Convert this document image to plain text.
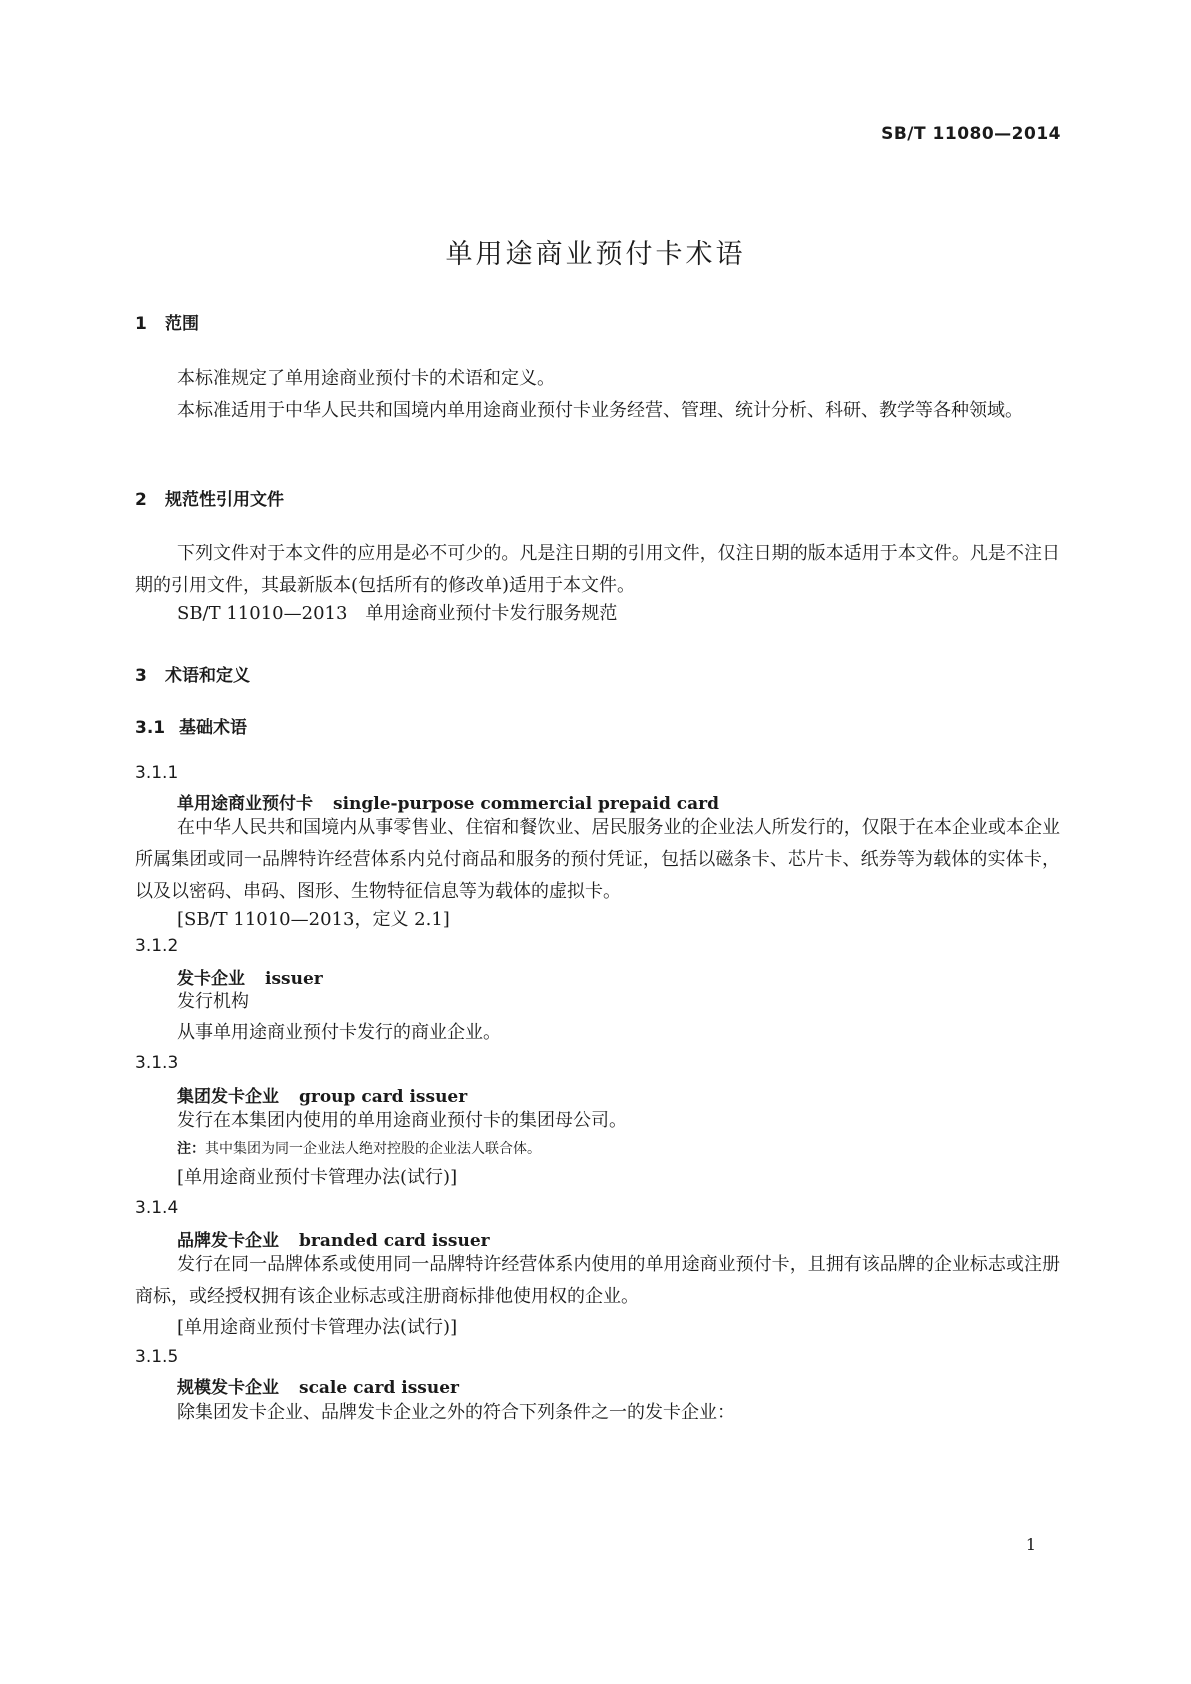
SB/T 11080—2014
单用途商业预付卡术语
1 范围
本标准规定了单用途商业预付卡的术语和定义。
本标准适用于中华人民共和国境内单用途商业预付卡业务经营、管理、统计分析、科研、教学等各种领域。
2 规范性引用文件
下列文件对于本文件的应用是必不可少的。凡是注日期的引用文件，仅注日期的版本适用于本文件。凡是不注日期的引用文件，其最新版本(包括所有的修改单)适用于本文件。
SB/T 11010—2013　单用途商业预付卡发行服务规范
3 术语和定义
3.1 基础术语
3.1.1
单用途商业预付卡 single-purpose commercial prepaid card
在中华人民共和国境内从事零售业、住宿和餐饮业、居民服务业的企业法人所发行的，仅限于在本企业或本企业所属集团或同一品牌特许经营体系内兑付商品和服务的预付凭证，包括以磁条卡、芯片卡、纸券等为载体的实体卡，以及以密码、串码、图形、生物特征信息等为载体的虚拟卡。
[SB/T 11010—2013，定义 2.1]
3.1.2
发卡企业 issuer
发行机构
从事单用途商业预付卡发行的商业企业。
3.1.3
集团发卡企业 group card issuer
发行在本集团内使用的单用途商业预付卡的集团母公司。
注：其中集团为同一企业法人绝对控股的企业法人联合体。
[单用途商业预付卡管理办法(试行)]
3.1.4
品牌发卡企业 branded card issuer
发行在同一品牌体系或使用同一品牌特许经营体系内使用的单用途商业预付卡，且拥有该品牌的企业标志或注册商标，或经授权拥有该企业标志或注册商标排他使用权的企业。
[单用途商业预付卡管理办法(试行)]
3.1.5
规模发卡企业 scale card issuer
除集团发卡企业、品牌发卡企业之外的符合下列条件之一的发卡企业：
1
